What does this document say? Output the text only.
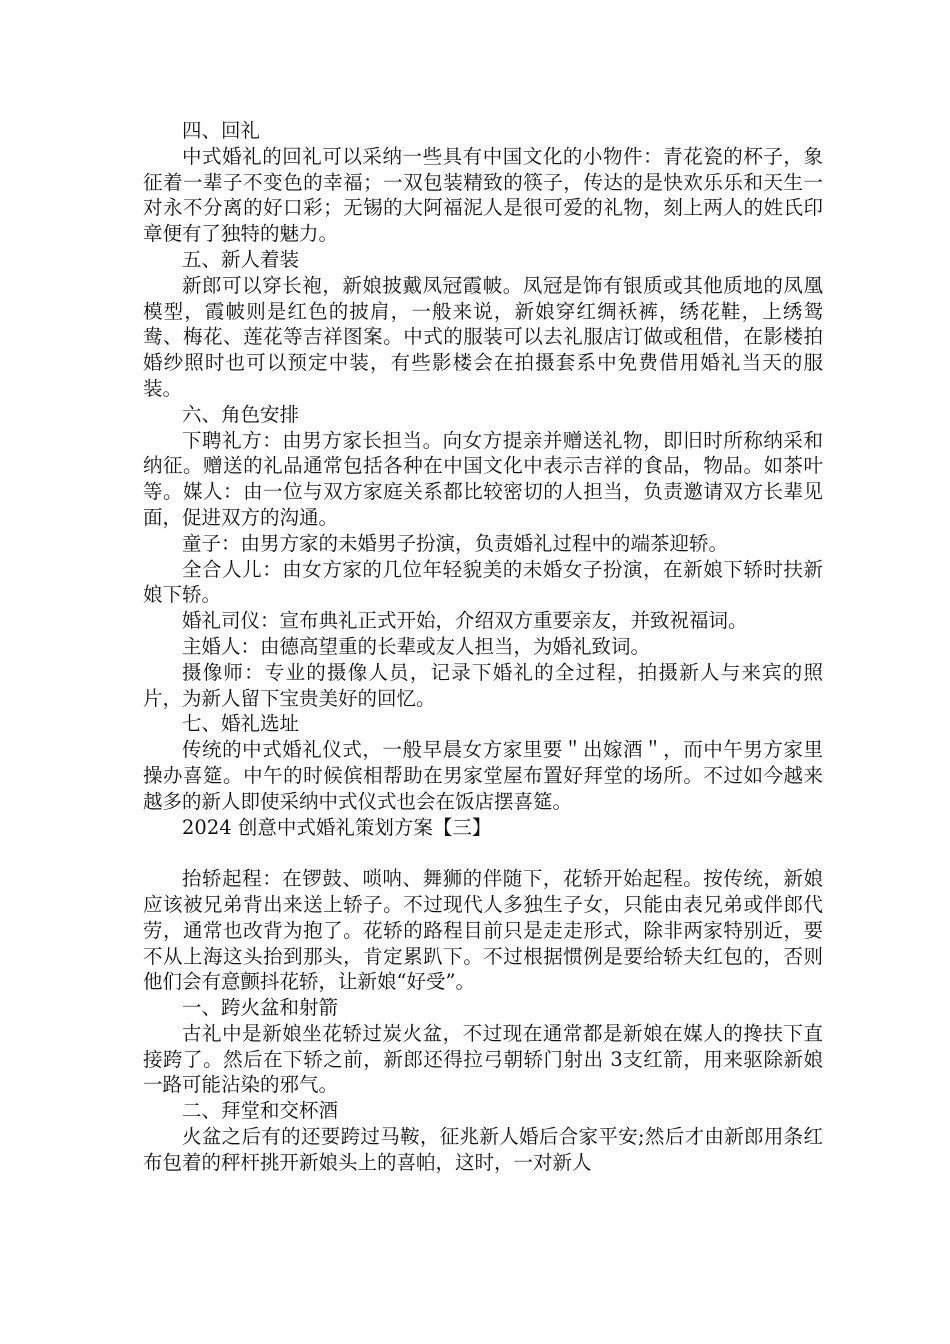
四、回礼
中式婚礼的回礼可以采纳一些具有中国文化的小物件：青花瓷的杯子，象征着一辈子不变色的幸福；一双包装精致的筷子，传达的是快欢乐乐和天生一对永不分离的好口彩；无锡的大阿福泥人是很可爱的礼物，刻上两人的姓氏印章便有了独特的魅力。
五、新人着装
新郎可以穿长袍，新娘披戴凤冠霞帔。凤冠是饰有银质或其他质地的凤凰模型，霞帔则是红色的披肩，一般来说，新娘穿红绸袄裤，绣花鞋，上绣鸳鸯、梅花、莲花等吉祥图案。中式的服装可以去礼服店订做或租借，在影楼拍婚纱照时也可以预定中装，有些影楼会在拍摄套系中免费借用婚礼当天的服装。
六、角色安排
下聘礼方：由男方家长担当。向女方提亲并赠送礼物，即旧时所称纳采和纳征。赠送的礼品通常包括各种在中国文化中表示吉祥的食品，物品。如茶叶等。媒人：由一位与双方家庭关系都比较密切的人担当，负责邀请双方长辈见面，促进双方的沟通。
童子：由男方家的未婚男子扮演，负责婚礼过程中的端茶迎轿。
全合人儿：由女方家的几位年轻貌美的未婚女子扮演，在新娘下轿时扶新娘下轿。
婚礼司仪：宣布典礼正式开始，介绍双方重要亲友，并致祝福词。
主婚人：由德高望重的长辈或友人担当，为婚礼致词。
摄像师：专业的摄像人员，记录下婚礼的全过程，拍摄新人与来宾的照片，为新人留下宝贵美好的回忆。
七、婚礼选址
传统的中式婚礼仪式，一般早晨女方家里要＂出嫁酒＂，而中午男方家里操办喜筵。中午的时候傧相帮助在男家堂屋布置好拜堂的场所。不过如今越来越多的新人即使采纳中式仪式也会在饭店摆喜筵。
2024 创意中式婚礼策划方案【三】
抬轿起程：在锣鼓、唢呐、舞狮的伴随下，花轿开始起程。按传统，新娘应该被兄弟背出来送上轿子。不过现代人多独生子女，只能由表兄弟或伴郎代劳，通常也改背为抱了。花轿的路程目前只是走走形式，除非两家特别近，要不从上海这头抬到那头，肯定累趴下。不过根据惯例是要给轿夫红包的，否则他们会有意颤抖花轿，让新娘“好受”。
一、跨火盆和射箭
古礼中是新娘坐花轿过炭火盆，不过现在通常都是新娘在媒人的搀扶下直接跨了。然后在下轿之前，新郎还得拉弓朝轿门射出 3支红箭，用来驱除新娘一路可能沾染的邪气。
二、拜堂和交杯酒
火盆之后有的还要跨过马鞍，征兆新人婚后合家平安;然后才由新郎用条红布包着的秤杆挑开新娘头上的喜帕，这时，一对新人
